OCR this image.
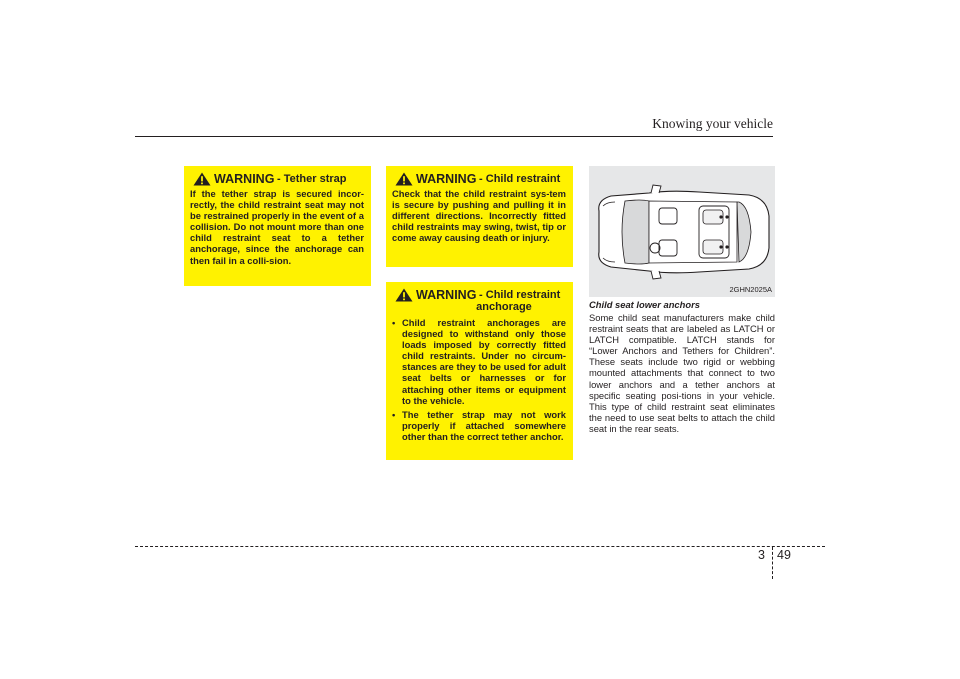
Knowing your vehicle
WARNING
- Tether strap
If the tether strap is secured incor-rectly, the child restraint seat may not be restrained properly in the event of a collision. Do not mount more than one child restraint seat to a tether anchorage, since the anchorage can then fail in a colli-sion.
WARNING
- Child restraint
Check that the child restraint sys-tem is secure by pushing and pulling it in different directions. Incorrectly fitted child restraints may swing, twist, tip or come away causing death or injury.
WARNING
- Child restraint
anchorage
• Child restraint anchorages are designed to withstand only those loads imposed by correctly fitted child restraints. Under no circum-stances are they to be used for adult seat belts or harnesses or for attaching other items or equipment to the vehicle.
• The tether strap may not work properly if attached somewhere other than the correct tether anchor.
2GHN2025A
Child seat lower anchors
Some child seat manufacturers make child restraint seats that are labeled as LATCH or LATCH compatible. LATCH stands for “Lower Anchors and Tethers for Children”. These seats include two rigid or webbing mounted attachments that connect to two lower anchors and a tether anchors at specific seating posi-tions in your vehicle. This type of child restraint seat eliminates the need to use seat belts to attach the child seat in the rear seats.
3 49
